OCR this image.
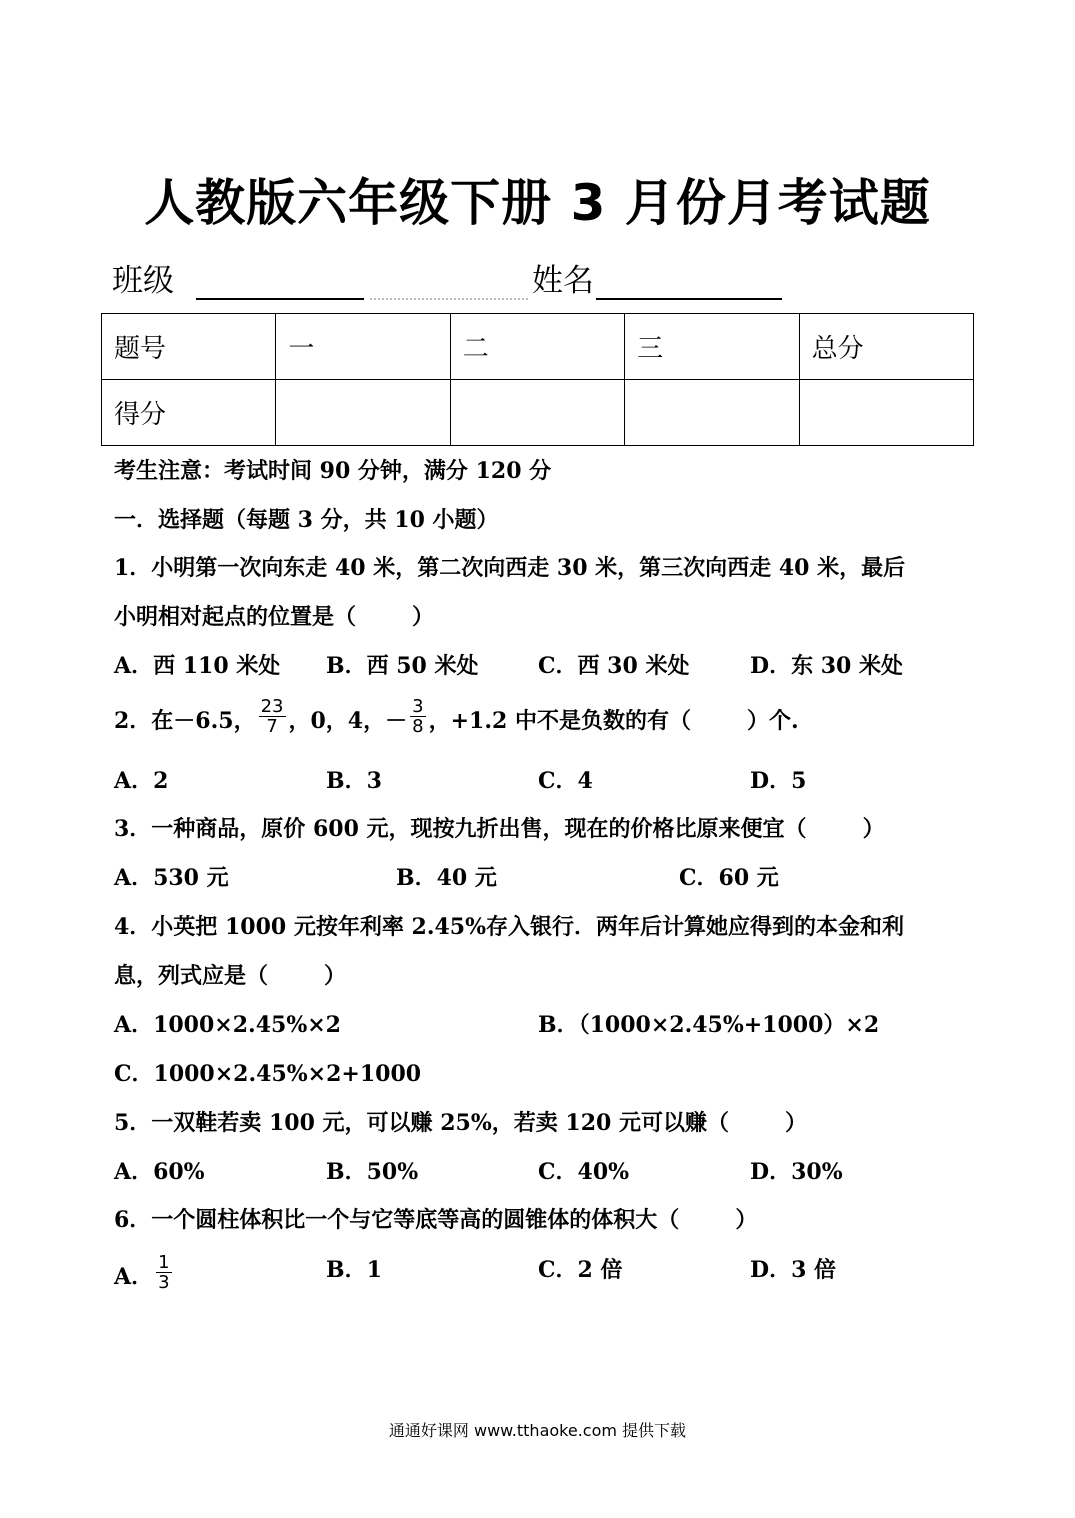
人教版六年级下册 3 月份月考试题
班级	姓名
题号	一	二	三	总分
得分				
考生注意：考试时间 90 分钟，满分 120 分
一．选择题（每题 3 分，共 10 小题）
1．小明第一次向东走 40 米，第二次向西走 30 米，第三次向西走 40 米，最后
小明相对起点的位置是（	）
A．西 110 米处 B．西 50 米处	C．西 30 米处	D．东 30 米处
2．在－6.5， $\frac{23}{7}$ ，0，4，－ $\frac{3}{8}$ ，+1.2 中不是负数的有（	）个.
A．2	B．3	C．4	D．5
3．一种商品，原价 600 元，现按九折出售，现在的价格比原来便宜（	）
A．530 元	B．40 元	C．60 元
4．小英把 1000 元按年利率 2.45%存入银行．两年后计算她应得到的本金和利
息，列式应是（	）
A．1000×2.45%×2	B．（1000×2.45%+1000）×2
C．1000×2.45%×2+1000
5．一双鞋若卖 100 元，可以赚 25%，若卖 120 元可以赚（	）
A．60%	B．50%	C．40%	D．30%
6．一个圆柱体积比一个与它等底等高的圆锥体的体积大（	）
A． $\frac{1}{3}$	B．1	C．2 倍	D．3 倍
通通好课网 www.tthaoke.com 提供下载
